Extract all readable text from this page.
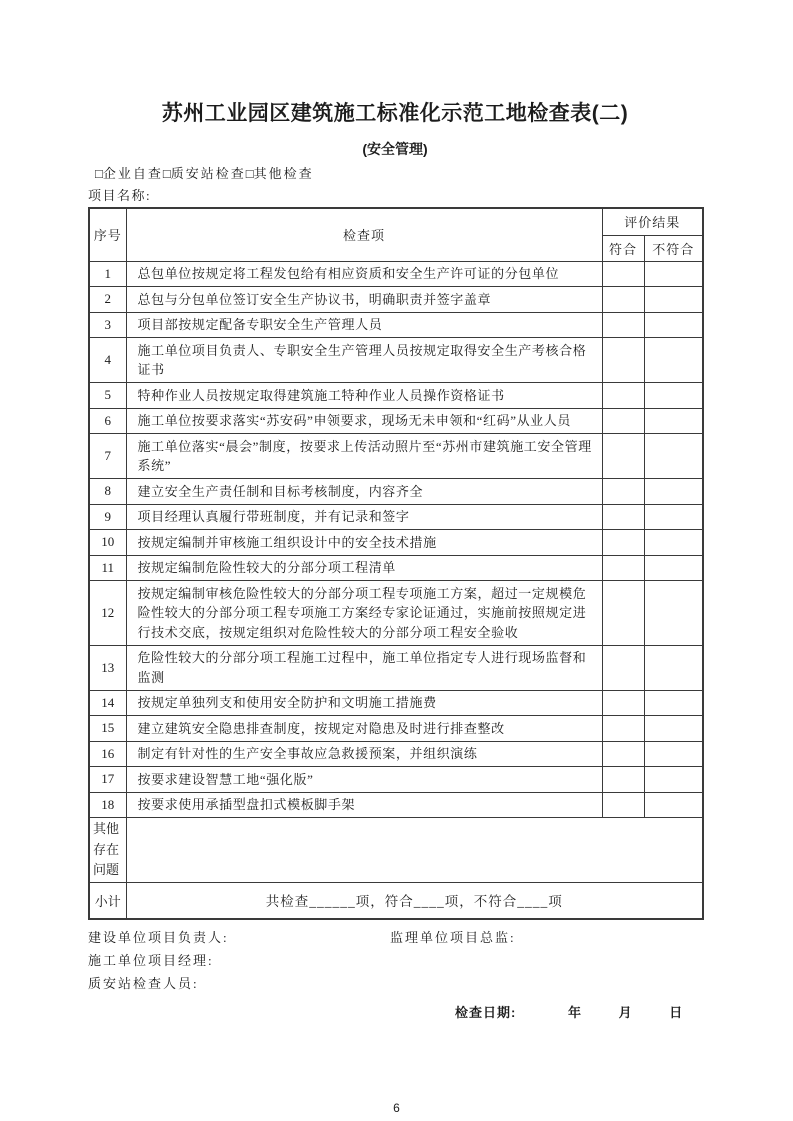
苏州工业园区建筑施工标准化示范工地检查表(二)
(安全管理)
□企业自查□质安站检查□其他检查
项目名称:
序号	检查项	评价结果	
		符合	不符合
1	总包单位按规定将工程发包给有相应资质和安全生产许可证的分包单位		
2	总包与分包单位签订安全生产协议书，明确职责并签字盖章		
3	项目部按规定配备专职安全生产管理人员		
4	施工单位项目负责人、专职安全生产管理人员按规定取得安全生产考核合格证书		
5	特种作业人员按规定取得建筑施工特种作业人员操作资格证书		
6	施工单位按要求落实“苏安码”申领要求，现场无未申领和“红码”从业人员		
7	施工单位落实“晨会”制度，按要求上传活动照片至“苏州市建筑施工安全管理系统”		
8	建立安全生产责任制和目标考核制度，内容齐全		
9	项目经理认真履行带班制度，并有记录和签字		
10	按规定编制并审核施工组织设计中的安全技术措施		
11	按规定编制危险性较大的分部分项工程清单		
12	按规定编制审核危险性较大的分部分项工程专项施工方案，超过一定规模危险性较大的分部分项工程专项施工方案经专家论证通过，实施前按照规定进行技术交底，按规定组织对危险性较大的分部分项工程安全验收		
13	危险性较大的分部分项工程施工过程中，施工单位指定专人进行现场监督和监测		
14	按规定单独列支和使用安全防护和文明施工措施费		
15	建立建筑安全隐患排查制度，按规定对隐患及时进行排查整改		
16	制定有针对性的生产安全事故应急救援预案，并组织演练		
17	按要求建设智慧工地“强化版”		
18	按要求使用承插型盘扣式模板脚手架		
其他存在问题			
小计	共检查______项，符合____项，不符合____项		
建设单位项目负责人:	监理单位项目总监:
施工单位项目经理:
质安站检查人员:
检查日期:	年	月	日
6
